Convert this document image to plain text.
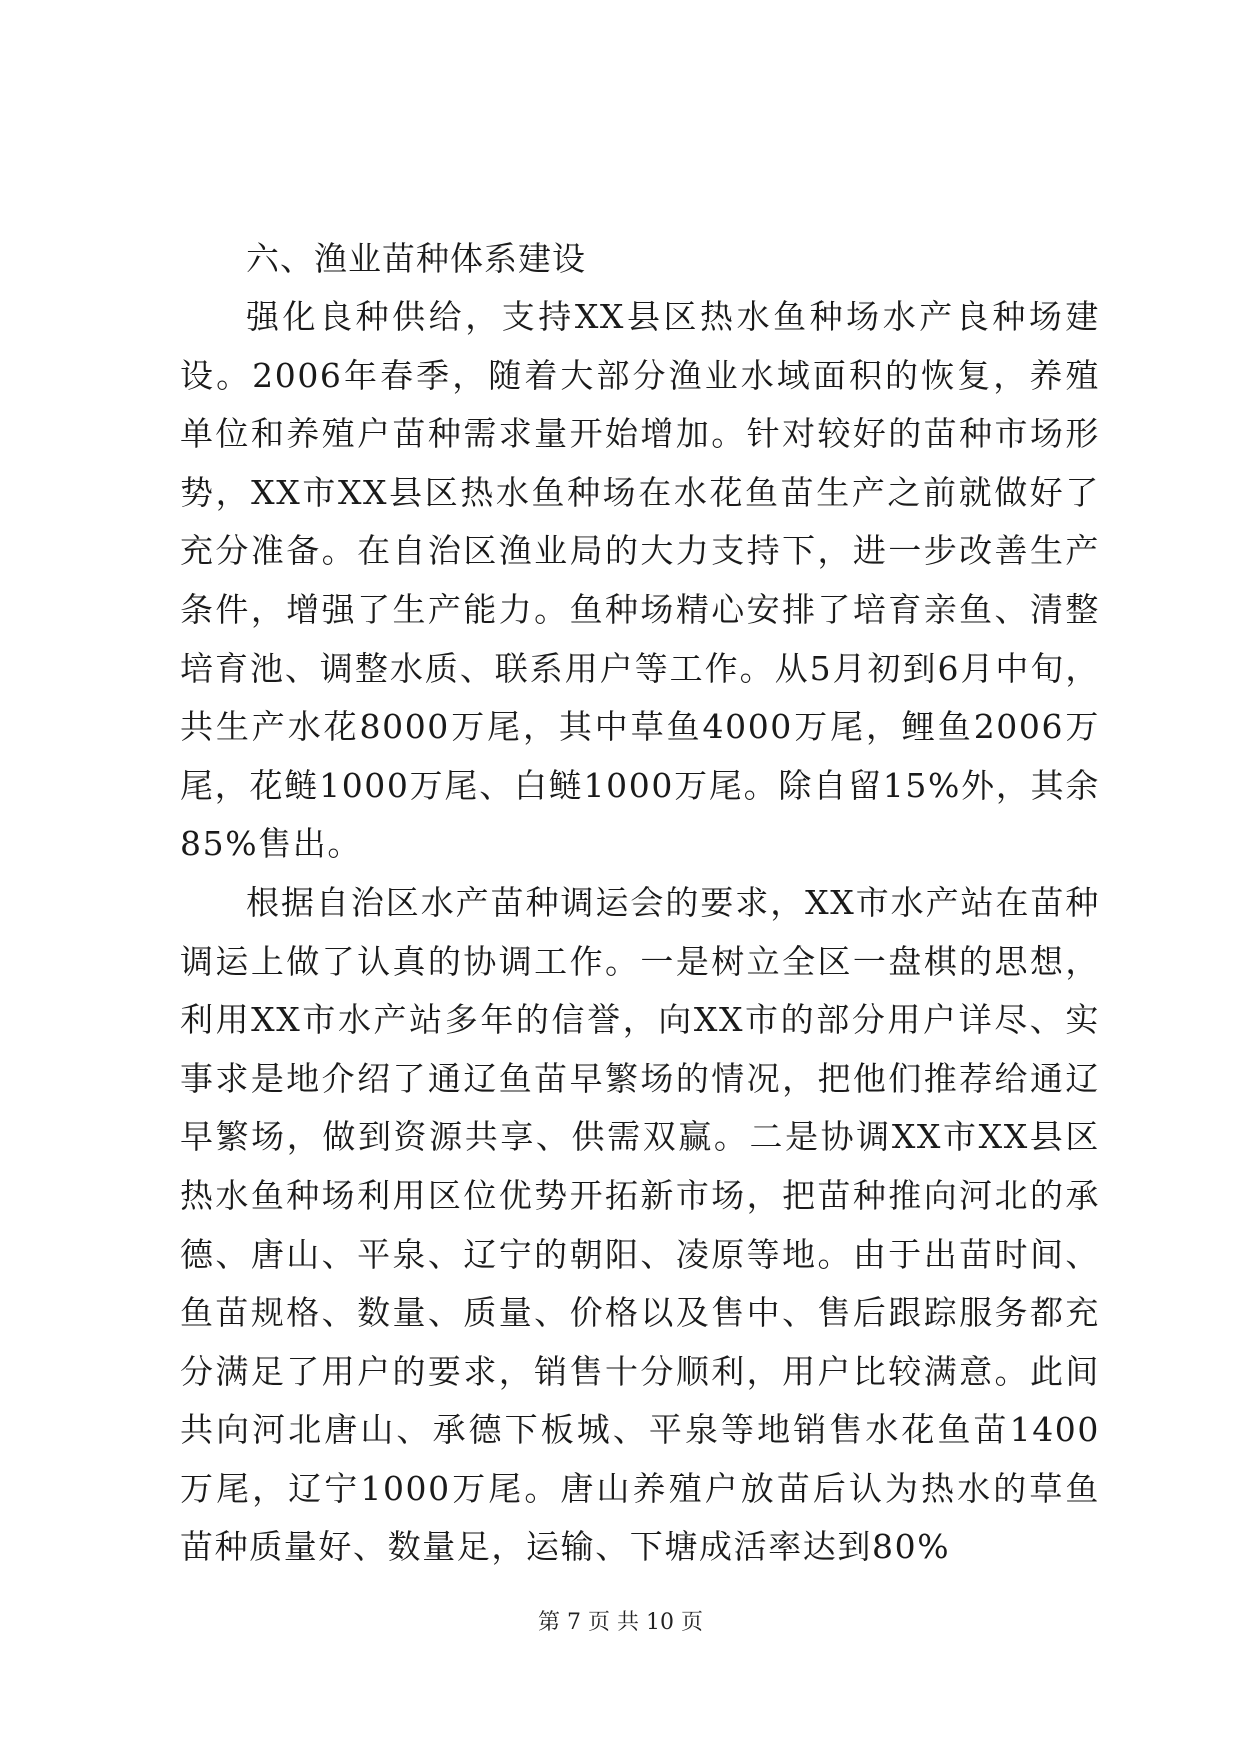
六、渔业苗种体系建设

强化良种供给，支持XX县区热水鱼种场水产良种场建设。2006年春季，随着大部分渔业水域面积的恢复，养殖单位和养殖户苗种需求量开始增加。针对较好的苗种市场形势，XX市XX县区热水鱼种场在水花鱼苗生产之前就做好了充分准备。在自治区渔业局的大力支持下，进一步改善生产条件，增强了生产能力。鱼种场精心安排了培育亲鱼、清整培育池、调整水质、联系用户等工作。从5月初到6月中旬，共生产水花8000万尾，其中草鱼4000万尾，鲤鱼2006万尾，花鲢1000万尾、白鲢1000万尾。除自留15%外，其余85%售出。

根据自治区水产苗种调运会的要求，XX市水产站在苗种调运上做了认真的协调工作。一是树立全区一盘棋的思想，利用XX市水产站多年的信誉，向XX市的部分用户详尽、实事求是地介绍了通辽鱼苗早繁场的情况，把他们推荐给通辽早繁场，做到资源共享、供需双赢。二是协调XX市XX县区热水鱼种场利用区位优势开拓新市场，把苗种推向河北的承德、唐山、平泉、辽宁的朝阳、凌原等地。由于出苗时间、鱼苗规格、数量、质量、价格以及售中、售后跟踪服务都充分满足了用户的要求，销售十分顺利，用户比较满意。此间共向河北唐山、承德下板城、平泉等地销售水花鱼苗1400万尾，辽宁1000万尾。唐山养殖户放苗后认为热水的草鱼苗种质量好、数量足，运输、下塘成活率达到80%

第 7 页 共 10 页
